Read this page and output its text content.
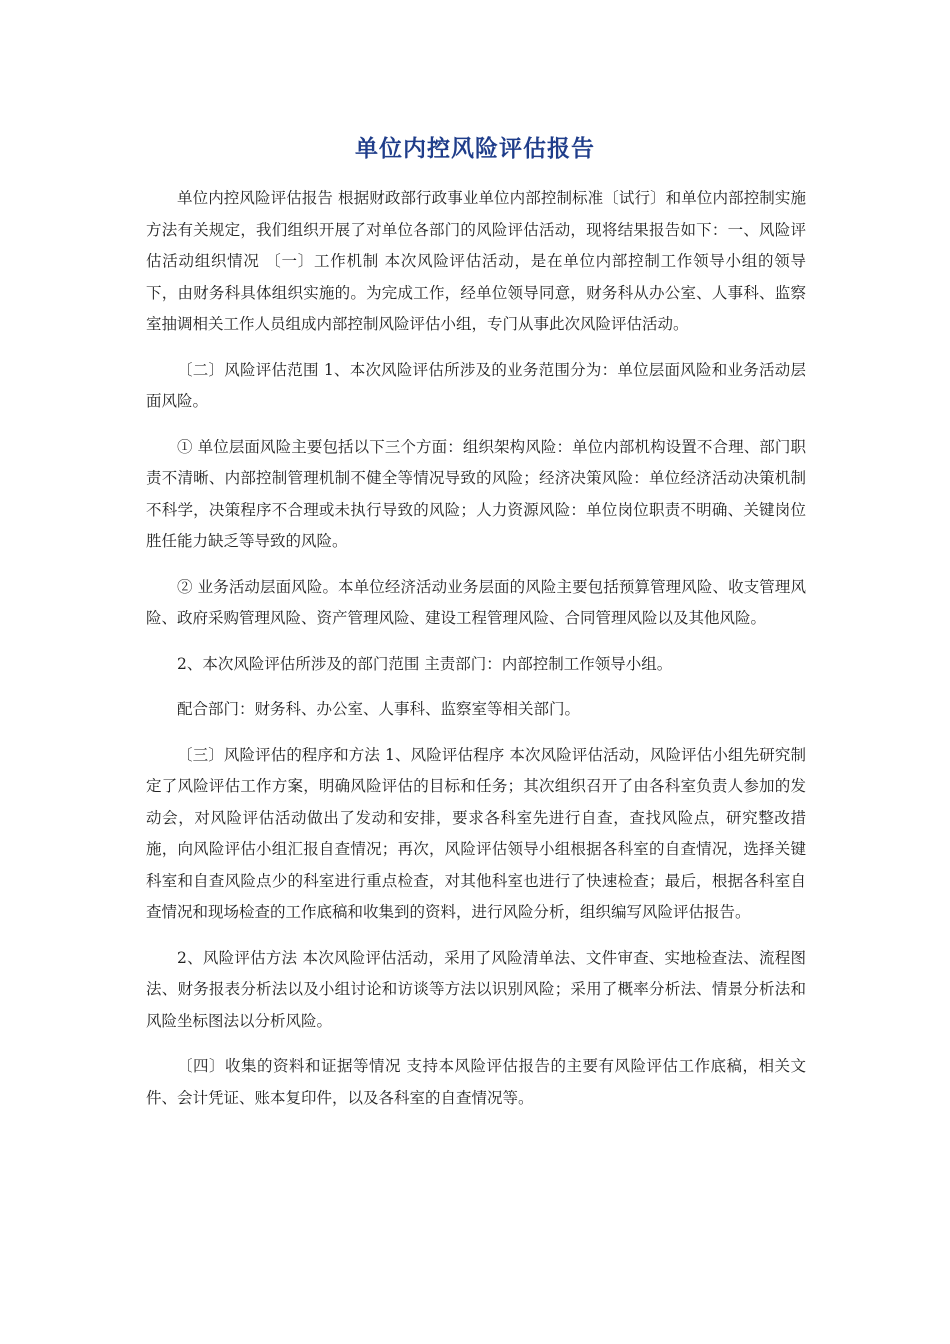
单位内控风险评估报告

单位内控风险评估报告 根据财政部行政事业单位内部控制标准〔试行〕和单位内部控制实施方法有关规定，我们组织开展了对单位各部门的风险评估活动，现将结果报告如下：一、风险评估活动组织情况 〔一〕工作机制 本次风险评估活动，是在单位内部控制工作领导小组的领导下，由财务科具体组织实施的。为完成工作，经单位领导同意，财务科从办公室、人事科、监察室抽调相关工作人员组成内部控制风险评估小组，专门从事此次风险评估活动。

〔二〕风险评估范围 1、本次风险评估所涉及的业务范围分为：单位层面风险和业务活动层面风险。

① 单位层面风险主要包括以下三个方面：组织架构风险：单位内部机构设置不合理、部门职责不清晰、内部控制管理机制不健全等情况导致的风险；经济决策风险：单位经济活动决策机制不科学，决策程序不合理或未执行导致的风险；人力资源风险：单位岗位职责不明确、关键岗位胜任能力缺乏等导致的风险。

② 业务活动层面风险。本单位经济活动业务层面的风险主要包括预算管理风险、收支管理风险、政府采购管理风险、资产管理风险、建设工程管理风险、合同管理风险以及其他风险。

2、本次风险评估所涉及的部门范围 主责部门：内部控制工作领导小组。

配合部门：财务科、办公室、人事科、监察室等相关部门。

〔三〕风险评估的程序和方法 1、风险评估程序 本次风险评估活动，风险评估小组先研究制定了风险评估工作方案，明确风险评估的目标和任务；其次组织召开了由各科室负责人参加的发动会，对风险评估活动做出了发动和安排，要求各科室先进行自查，查找风险点，研究整改措施，向风险评估小组汇报自查情况；再次，风险评估领导小组根据各科室的自查情况，选择关键科室和自查风险点少的科室进行重点检查，对其他科室也进行了快速检查；最后，根据各科室自查情况和现场检查的工作底稿和收集到的资料，进行风险分析，组织编写风险评估报告。

2、风险评估方法 本次风险评估活动，采用了风险清单法、文件审查、实地检查法、流程图法、财务报表分析法以及小组讨论和访谈等方法以识别风险；采用了概率分析法、情景分析法和风险坐标图法以分析风险。

〔四〕收集的资料和证据等情况 支持本风险评估报告的主要有风险评估工作底稿，相关文件、会计凭证、账本复印件，以及各科室的自查情况等。
